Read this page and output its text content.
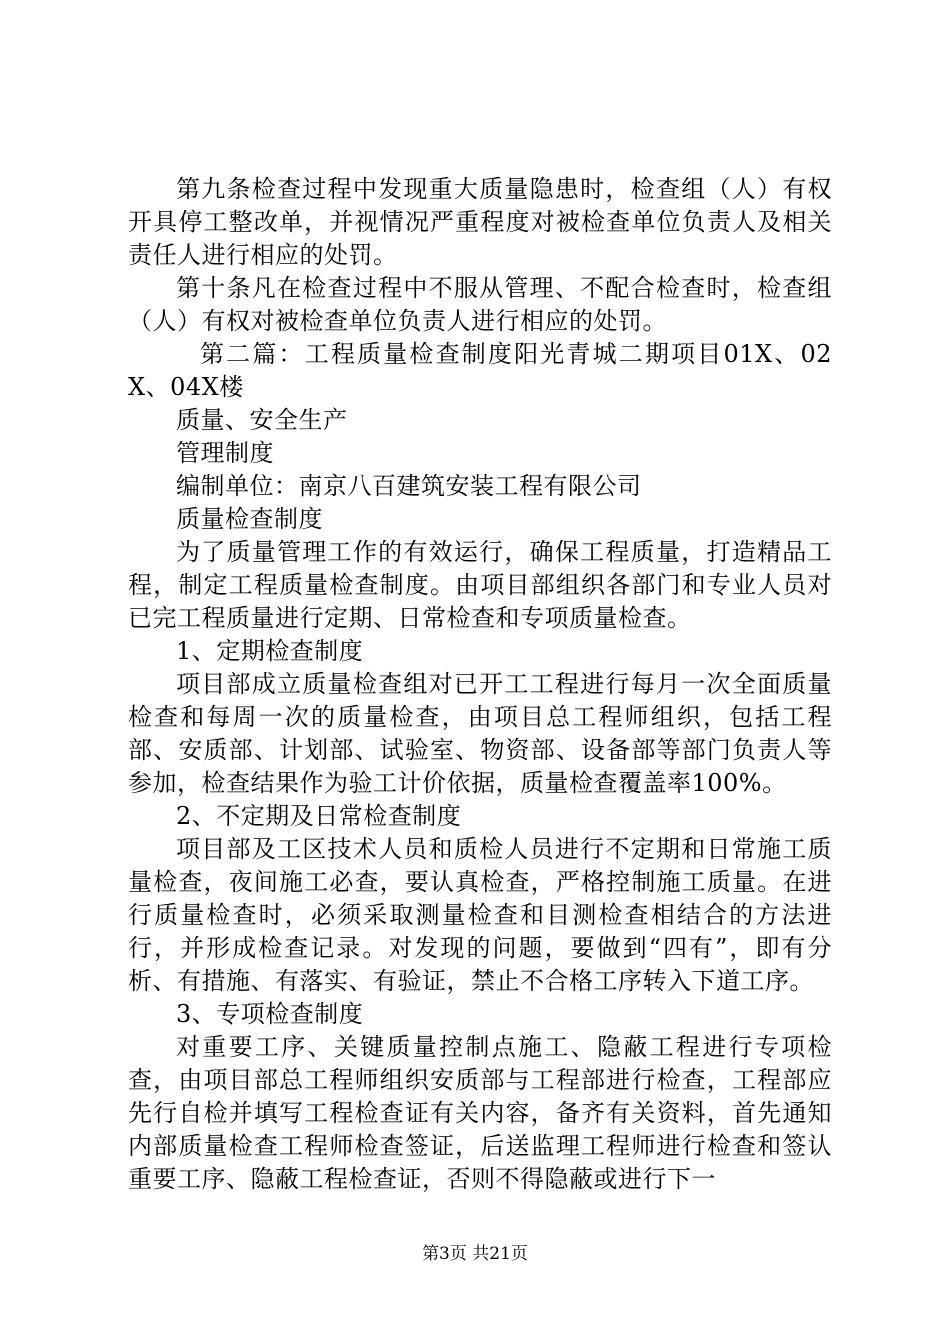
第九条检查过程中发现重大质量隐患时，检查组（人）有权开具停工整改单，并视情况严重程度对被检查单位负责人及相关责任人进行相应的处罚。

第十条凡在检查过程中不服从管理、不配合检查时，检查组（人）有权对被检查单位负责人进行相应的处罚。

第二篇：工程质量检查制度阳光青城二期项目01X、02X、04X楼

质量、安全生产

管理制度

编制单位：南京八百建筑安装工程有限公司

质量检查制度

为了质量管理工作的有效运行，确保工程质量，打造精品工程，制定工程质量检查制度。由项目部组织各部门和专业人员对已完工程质量进行定期、日常检查和专项质量检查。

1、定期检查制度

项目部成立质量检查组对已开工工程进行每月一次全面质量检查和每周一次的质量检查，由项目总工程师组织，包括工程部、安质部、计划部、试验室、物资部、设备部等部门负责人等参加，检查结果作为验工计价依据，质量检查覆盖率100%。

2、不定期及日常检查制度

项目部及工区技术人员和质检人员进行不定期和日常施工质量检查，夜间施工必查，要认真检查，严格控制施工质量。在进行质量检查时，必须采取测量检查和目测检查相结合的方法进行，并形成检查记录。对发现的问题，要做到“四有”，即有分析、有措施、有落实、有验证，禁止不合格工序转入下道工序。

3、专项检查制度

对重要工序、关键质量控制点施工、隐蔽工程进行专项检查，由项目部总工程师组织安质部与工程部进行检查，工程部应先行自检并填写工程检查证有关内容，备齐有关资料，首先通知内部质量检查工程师检查签证，后送监理工程师进行检查和签认重要工序、隐蔽工程检查证，否则不得隐蔽或进行下一

第3页 共21页
